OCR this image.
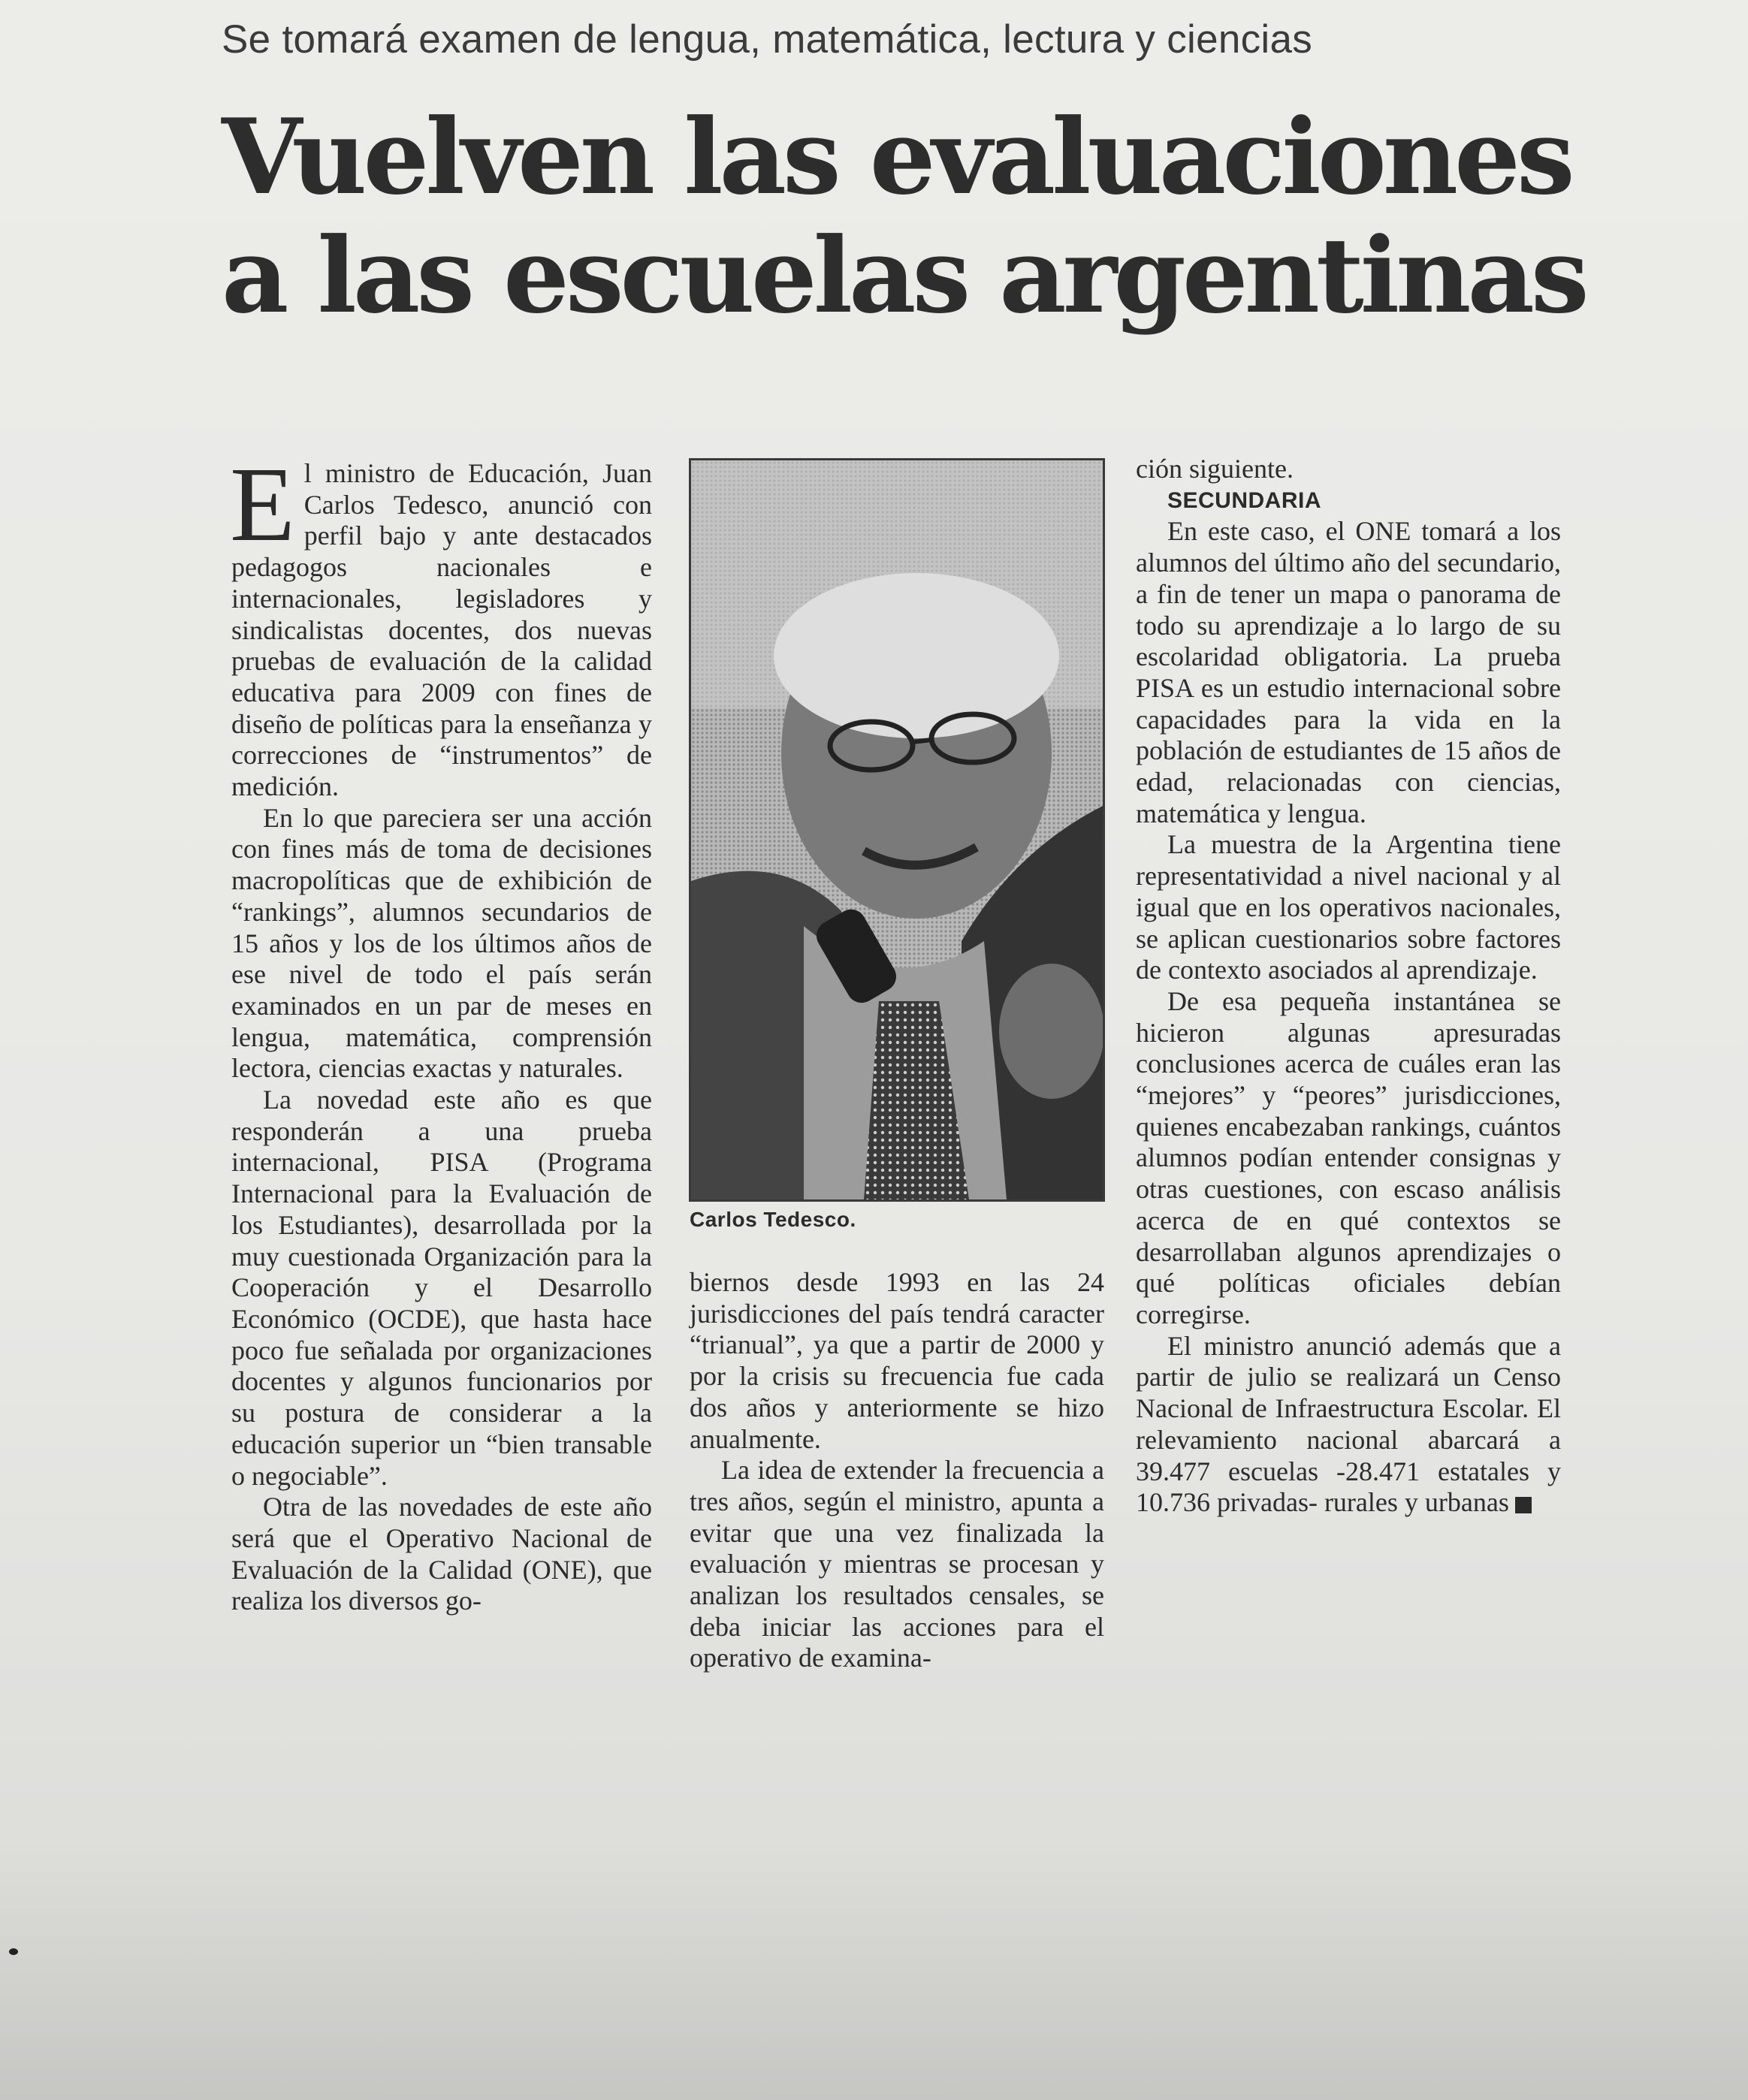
Se tomará examen de lengua, matemática, lectura y ciencias
Vuelven las evaluaciones
a las escuelas argentinas

El ministro de Educación, Juan Carlos Tedesco, anunció con perfil bajo y ante destacados pedagogos nacionales e internacionales, legisladores y sindicalistas docentes, dos nuevas pruebas de evaluación de la calidad educativa para 2009 con fines de diseño de políticas para la enseñanza y correcciones de “instrumentos” de medición.

En lo que pareciera ser una acción con fines más de toma de decisiones macropolíticas que de exhibición de “rankings”, alumnos secundarios de 15 años y los de los últimos años de ese nivel de todo el país serán examinados en un par de meses en lengua, matemática, comprensión lectora, ciencias exactas y naturales.

La novedad este año es que responderán a una prueba internacional, PISA (Programa Internacional para la Evaluación de los Estudiantes), desarrollada por la muy cuestionada Organización para la Cooperación y el Desarrollo Económico (OCDE), que hasta hace poco fue señalada por organizaciones docentes y algunos funcionarios por su postura de considerar a la educación superior un “bien transable o negociable”.

Otra de las novedades de este año será que el Operativo Nacional de Evaluación de la Calidad (ONE), que realiza los diversos go-

Carlos Tedesco.

biernos desde 1993 en las 24 jurisdicciones del país tendrá caracter “trianual”, ya que a partir de 2000 y por la crisis su frecuencia fue cada dos años y anteriormente se hizo anualmente.

La idea de extender la frecuencia a tres años, según el ministro, apunta a evitar que una vez finalizada la evaluación y mientras se procesan y analizan los resultados censales, se deba iniciar las acciones para el operativo de examina-

ción siguiente.

SECUNDARIA

En este caso, el ONE tomará a los alumnos del último año del secundario, a fin de tener un mapa o panorama de todo su aprendizaje a lo largo de su escolaridad obligatoria. La prueba PISA es un estudio internacional sobre capacidades para la vida en la población de estudiantes de 15 años de edad, relacionadas con ciencias, matemática y lengua.

La muestra de la Argentina tiene representatividad a nivel nacional y al igual que en los operativos nacionales, se aplican cuestionarios sobre factores de contexto asociados al aprendizaje.

De esa pequeña instantánea se hicieron algunas apresuradas conclusiones acerca de cuáles eran las “mejores” y “peores” jurisdicciones, quienes encabezaban rankings, cuántos alumnos podían entender consignas y otras cuestiones, con escaso análisis acerca de en qué contextos se desarrollaban algunos aprendizajes o qué políticas oficiales debían corregirse.

El ministro anunció además que a partir de julio se realizará un Censo Nacional de Infraestructura Escolar. El relevamiento nacional abarcará a 39.477 escuelas -28.471 estatales y 10.736 privadas- rurales y urbanas
